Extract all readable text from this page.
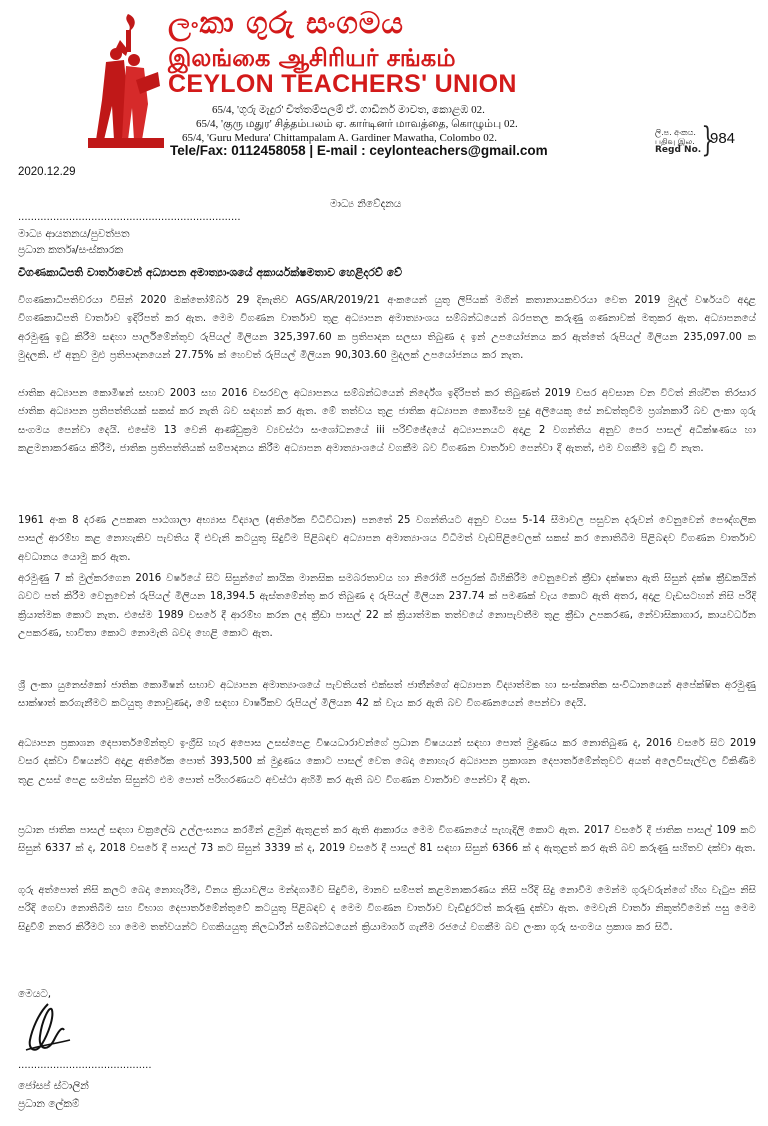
ලංකා ගුරු සංගමය
இலங்கை ஆசிரியர் சங்கம்
CEYLON TEACHERS' UNION
65/4, 'ගුරු මැදුර' චිත්තම්පලම් ඒ. ගාඩිනර් මාවත, කොළඹ 02.
65/4, 'குரு மதுர' சித்தம்பலம் ஏ. கார்டினர் மாவத்தை, கொழும்பு 02.
65/4, 'Guru Medura' Chittampalam A. Gardiner Mawatha, Colombo 02.
Tele/Fax: 0112458058 | E-mail : ceylonteachers@gmail.com
ලි.ප. අංකය.
பதிவு இல.
Regd No. }
984
2020.12.29
මාධ්‍ය නිවේදනය
......................................................................
මාධ්‍ය ආයතනය/පුවත්පත
ප්‍රධාන කර්තෘ/සංස්කාරක
විගණකාධිපති වාර්තාවෙන් අධ්‍යාපන අමාත්‍යාංශයේ අකාර්යක්ෂමතාව හෙළිදරව් වේ
විගණකාධිපතිවරයා විසින් 2020 ඔක්තෝම්බර් 29 දිනැතිව AGS/AR/2019/21 අංකයෙන් යුතු ලිපියක් මගින් කතානායකවරයා වෙත 2019 මුදල් වර්ෂයට අදාළ විගණකාධිපති වාර්තාව ඉදිරිපත් කර ඇත. මෙම විගණන වාර්තාව තුළ අධ්‍යාපන අමාත්‍යාංශය සම්බන්ධයෙන් බරපතල කරුණු ගණනාවක් මතුකර ඇත. අධ්‍යාපනයේ අරමුණු ඉටු කිරීම සඳහා පාර්ලිමේන්තුව රුපියල් මිලියන 325,397.60 ක ප්‍රතිපාදන සලසා තිබුණ ද ඉන් උපයෝජනය කර ඇත්තේ රුපියල් මිලියන 235,097.00 ක මුදලකි. ඒ අනුව මුළු ප්‍රතිපාදනයෙන් 27.75% ක් හෙවත් රුපියල් මිලියන 90,303.60 මුදලක් උපයෝජනය කර නැත.
ජාතික අධ්‍යාපන කොමිෂන් සභාව 2003 සහ 2016 වසරවල අධ්‍යාපනය සම්බන්ධයෙන් නිර්දේශ ඉදිරිපත් කර තිබුණත් 2019 වසර අවසාන වන විටත් නිශ්චිත තිරසාර ජාතික අධ්‍යාපන ප්‍රතිපත්තියක් සකස් කර නැති බව සඳහන් කර ඇත. මේ තත්වය තුළ ජාතික අධ්‍යාපන කොමිසම සුදු අලියෙකු සේ නඩත්තුවීම ප්‍රශ්නකාරී බව ලංකා ගුරු සංගමය පෙන්වා දෙයි. එසේම 13 වෙනි ආණ්ඩුක්‍රම ව්‍යවස්ථා සංශෝධනයේ iii පරිච්ඡේදයේ අධ්‍යාපනයට අදාළ 2 වගන්තිය අනුව පෙර පාසල් අධීක්ෂණය හා කළමනාකරණය කිරීම, ජාතික ප්‍රතිපත්තියක් සම්පාදනය කිරීම අධ්‍යාපන අමාත්‍යාංශයේ වගකීම බව විගණන වාර්තාව පෙන්වා දී ඇතත්, එම වගකීම ඉටු වී නැත.
1961 අංක 8 දරණ උපකෘත පාඨශාලා අභ්‍යාස විද්‍යාල (අතිරේක විධිවිධාන) පනතේ 25 වගන්තියට අනුව වයස 5-14 සීමාවල පසුවන දරුවන් වෙනුවෙන් පෞද්ගලික පාසල් ආරම්භ කළ නොහැකිව පැවතිය දී එවැනි කටයුතු සිදුවීම පිළිබඳව අධ්‍යාපන අමාත්‍යාංශය විධිමත් වැඩපිළිවෙලක් සකස් කර නොතිබීම පිළිබඳව විගණන වාර්තාව අවධානය යොමු කර ඇත.
අරමුණු 7 ක් මුල්කරගෙන 2016 වර්ෂයේ සිට සිසුන්ගේ කායික මානසික සමබරතාවය හා නිරෝගී පරපුරක් බිහිකිරීම වෙනුවෙන් ක්‍රීඩා දක්ෂතා ඇති සිසුන් දක්ෂ ක්‍රීඩකයින් බවට පත් කිරීම වෙනුවෙන් රුපියල් මිලියන 18,394.5 ඇස්තමේන්තු කර තිබුණ ද රුපියල් මිලියන 237.74 ක් පමණක් වැය කොට ඇති අතර, අදාළ වැඩසටහන් නිසි පරිදි ක්‍රියාත්මක කොට නැත. එසේම 1989 වසරේ දී ආරම්භ කරන ලද ක්‍රීඩා පාසල් 22 ක් ක්‍රියාත්මක තත්වයේ නොපැවතීම තුළ ක්‍රීඩා උපකරණ, නේවාසිකාගාර, කායවර්ධන උපකරණ, භාවිතා කොට නොමැති බවද හෙළි කොට ඇත.
ශ්‍රී ලංකා යුනෙස්කෝ ජාතික කොමිෂන් සභාව අධ්‍යාපන අමාත්‍යාංශයේ පැවතියත් එක්සත් ජාතීන්ගේ අධ්‍යාපන විද්‍යාත්මක හා සංස්කෘතික සංවිධානයෙන් අපේක්ෂිත අරමුණු සාක්ෂාත් කරගැනීමට කටයුතු නොවුණද, මේ සඳහා වාර්ෂිකව රුපියල් මිලියන 42 ක් වැය කර ඇති බව විගණනයෙන් පෙන්වා දෙයි.
අධ්‍යාපන ප්‍රකාශන දෙපාර්තමේන්තුව ඉංග්‍රීසි හැර අපොස උසස්පෙළ විෂයධාරාවන්ගේ ප්‍රධාන විෂයයන් සඳහා පොත් මුද්‍රණය කර නොතිබුණ ද, 2016 වසරේ සිට 2019 වසර දක්වා විෂයන්ට අදාළ අතිරේක පොත් 393,500 ක් මුද්‍රණය කොට පාසල් වෙත බෙදා නොහැර අධ්‍යාපන ප්‍රකාශන දෙපාර්තමේන්තුවට අයත් අලෙවිසැල්වල විකිණීම තුළ උසස් පෙළ සමස්ත සිසුන්ට එම පොත් පරිහරණයට අවස්ථා අහිමි කර ඇති බව විගණන වාර්තාව පෙන්වා දී ඇත.
ප්‍රධාන ජාතික පාසල් සඳහා චක්‍රලේඛ උල්ලංඝනය කරමින් ළමුන් ඇතුළත් කර ඇති ආකාරය මෙම විගණනයේ පැහැදිලි කොට ඇත. 2017 වසරේ දී ජාතික පාසල් 109 කට සිසුන් 6337 ක් ද, 2018 වසරේ දී පාසල් 73 කට සිසුන් 3339 ක් ද, 2019 වසරේ දී පාසල් 81 සඳහා සිසුන් 6366 ක් ද ඇතුළත් කර ඇති බව කරුණු සහිතව දක්වා ඇත.
ගුරු අත්පොත් නිසි කලට බෙදා නොහැරීම, විනය ක්‍රියාවලිය මන්දගාමීව සිදුවීම, මානව සම්පත් කළමනාකරණය නිසි පරිදි සිදු නොවීම මෙන්ම ගුරුවරුන්ගේ හිඟ වැටුප නිසි පරිදි ගෙවා නොතිබීම සහ විභාග දෙපාර්තමේන්තුවේ කටයුතු පිළිබඳව ද මෙම විගණන වාර්තාව වැඩිදුරටත් කරුණු දක්වා ඇත. මෙවැනි වාර්තා නිකුත්වීමෙන් පසු මෙම සිදුවීම් නතර කිරීමට හා මෙම තත්වයන්ට වගකියයුතු නිලධාරීන් සම්බන්ධයෙන් ක්‍රියාමාර්ග ගැනීම රජයේ වගකීම බව ලංකා ගුරු සංගමය ප්‍රකාශ කර සිටී.
මෙයට,
..........................................
ජෝසප් ස්ටාලින්
ප්‍රධාන ලේකම්
